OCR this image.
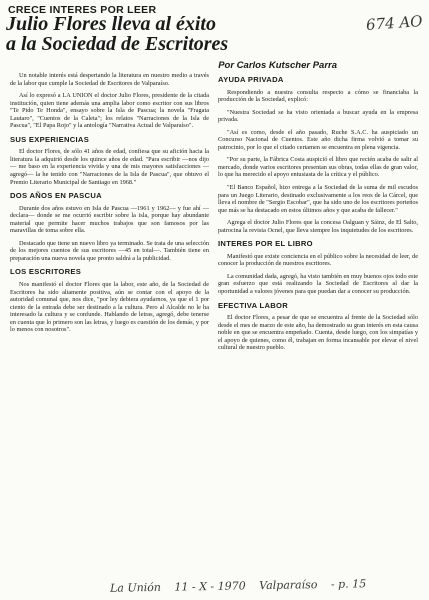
CRECE INTERES POR LEER
674 AO
Julio Flores lleva al éxito
a la Sociedad de Escritores
Por Carlos Kutscher Parra

Un notable interés está despertando la literatura en nuestro medio a través de la labor que cumple la Sociedad de Escritores de Valparaíso.

Así lo expresó a LA UNION el doctor Julio Flores, presidente de la citada institución, quien tiene además una amplia labor como escritor con sus libros "Te Pido Te Honda", ensayo sobre la Isla de Pascua; la novela "Fragata Lautaro", "Cuentos de la Caleta"; los relatos "Narraciones de la Isla de Pascua", "El Papa Rojo" y la antología "Narrativa Actual de Valparaíso".

SUS EXPERIENCIAS

El doctor Flores, de sólo 41 años de edad, confiesa que su afición hacia la literatura la adquirió desde los quince años de edad. "Para escribir —nos dijo— me baso en la experiencia vivida y una de mis mayores satisfacciones —agregó— la he tenido con "Narraciones de la Isla de Pascua", que obtuvo el Premio Literario Municipal de Santiago en 1968."

DOS AÑOS EN PASCUA

Durante dos años estuvo en Isla de Pascua —1961 y 1962— y fue ahí —declara— donde se me ocurrió escribir sobre la isla, porque hay abundante material que permite hacer muchos trabajos que son famosos por las maravillas de toma sobre ella.

Destacado que tiene un nuevo libro ya terminado. Se trata de una selección de los mejores cuentos de sus escritores —45 en total—. También tiene en preparación una nueva novela que pronto saldrá a la publicidad.

LOS ESCRITORES

Nos manifestó el doctor Flores que la labor, este año, de la Sociedad de Escritores ha sido altamente positiva, aún se contar con el apoyo de la autoridad comunal que, nos dice, "por ley debiera ayudarnos, ya que el 1 por ciento de la entrada debe ser destinado a la cultura. Pero al Alcalde no le ha interesado la cultura y se confunde. Hablando de letras, agregó, debe tenerse en cuenta que lo primero son las letras, y luego es cuestión de los demás, y por lo menos con nosotros".

AYUDA PRIVADA

Respondiendo a nuestra consulta respecto a cómo se financiaba la producción de la Sociedad, explicó:

"Nuestra Sociedad se ha visto orientada a buscar ayuda en la empresa privada.

"Así es como, desde el año pasado, Ruche S.A.C. ha auspiciado un Concurso Nacional de Cuentos. Este año dicha firma volvió a tomar su patrocinio, por lo que el citado certamen se encuentra en plena vigencia.

"Por su parte, la Fábrica Costa auspició el libro que recién acaba de salir al mercado, donde varios escritores presentan sus obras, todas ellas de gran valor, lo que ha merecido el apoyo entusiasta de la crítica y el público.

"El Banco Español, hizo entrega a la Sociedad de la suma de mil escudos para un Juego Literario, destinado exclusivamente a los reos de la Cárcel, que lleva el nombre de "Sergio Escobar", que ha sido uno de los escritores porteños que más se ha destacado en estos últimos años y que acaba de fallecer."

Agrega el doctor Julio Flores que la concesa Oalguan y Sáinz, de El Salto, patrocina la revista Ocnel, que lleva siempre los inquietudes de los escritores.

INTERES POR EL LIBRO

Manifestó que existe conciencia en el público sobre la necesidad de leer, de conocer la producción de nuestros escritores.

La comunidad dada, agregó, ha visto también en muy buenos ojos todo este gran esfuerzo que está realizando la Sociedad de Escritores al dar la oportunidad a valores jóvenes para que puedan dar a conocer su producción.

EFECTIVA LABOR

El doctor Flores, a pesar de que se encuentra al frente de la Sociedad sólo desde el mes de marzo de este año, ha demostrado su gran interés en esta causa noble en que se encuentra empeñado. Cuenta, desde luego, con los simpatías y el apoyo de quienes, como él, trabajan en forma incansable por elevar el nivel cultural de nuestro pueblo.

La Unión 11 - X - 1970 Valparaíso - p. 15
